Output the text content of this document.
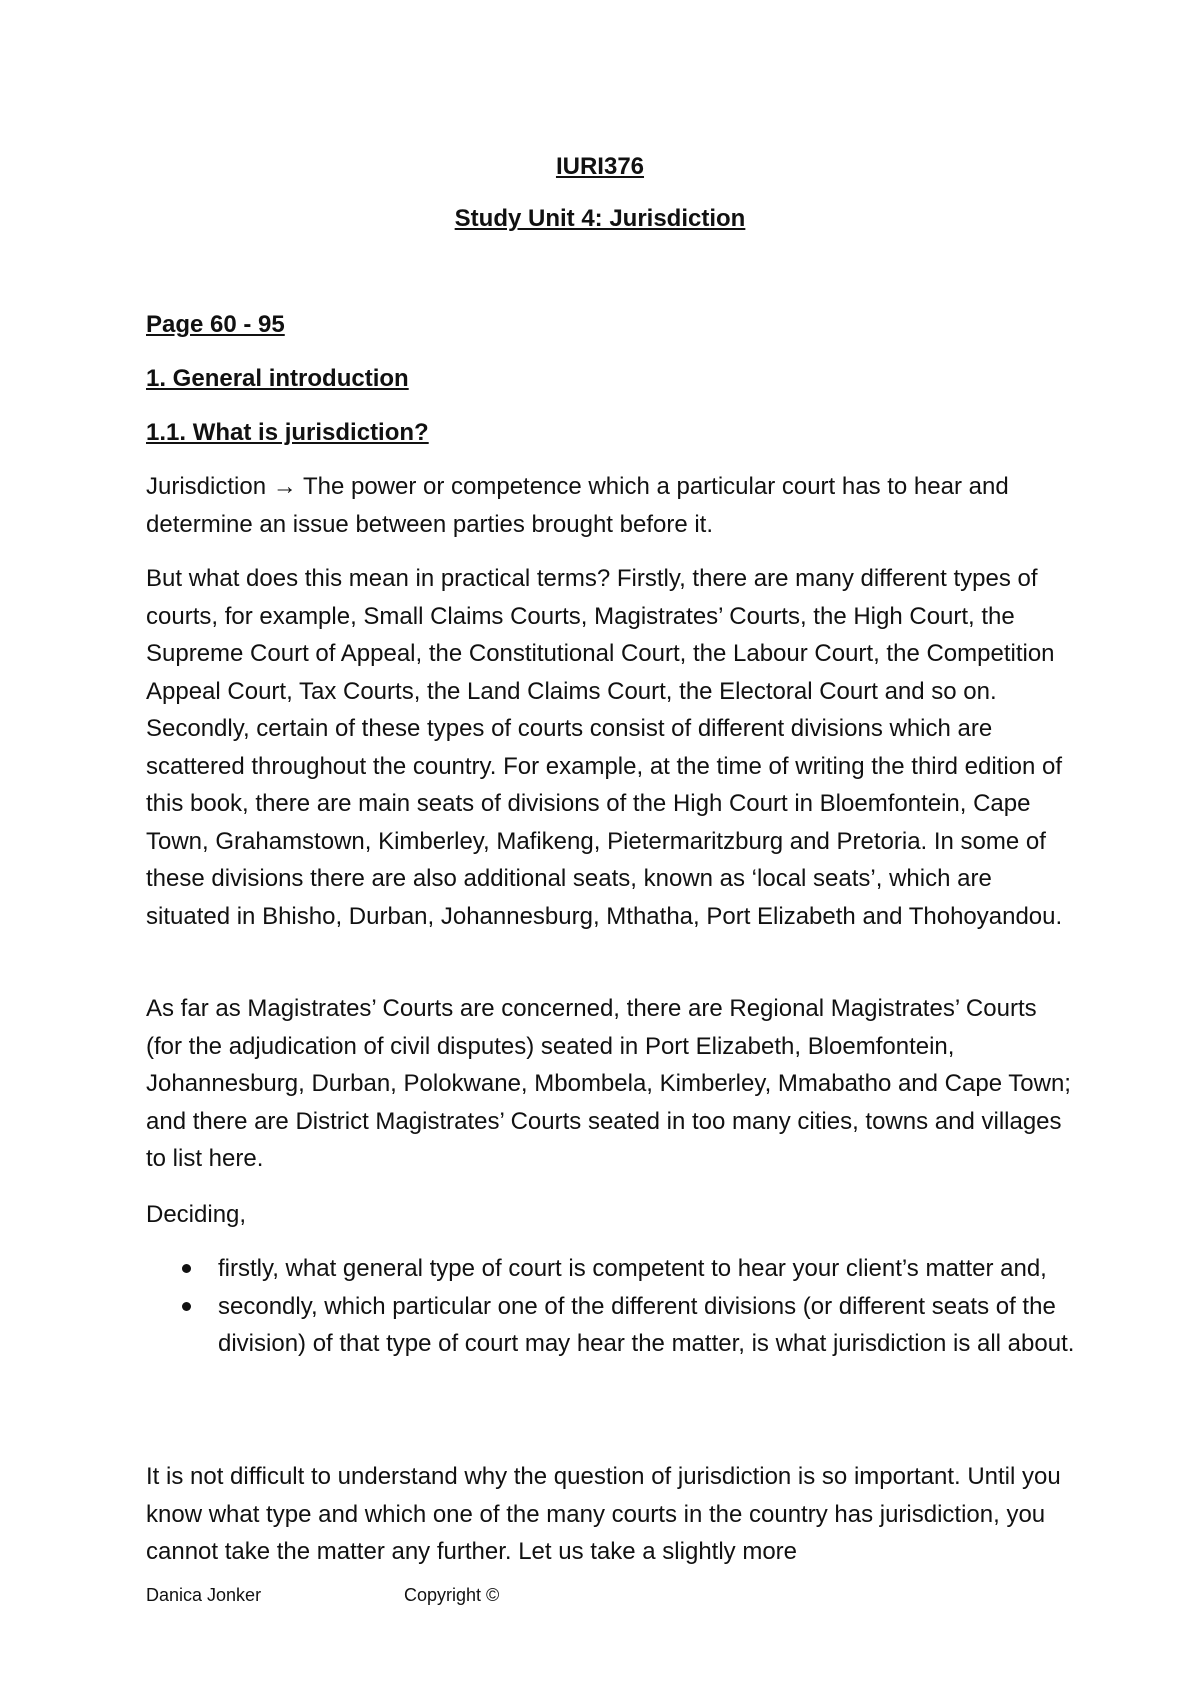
IURI376
Study Unit 4: Jurisdiction
Page 60 - 95
1. General introduction
1.1. What is jurisdiction?

Jurisdiction → The power or competence which a particular court has to hear and determine an issue between parties brought before it.

But what does this mean in practical terms? Firstly, there are many different types of courts, for example, Small Claims Courts, Magistrates’ Courts, the High Court, the Supreme Court of Appeal, the Constitutional Court, the Labour Court, the Competition Appeal Court, Tax Courts, the Land Claims Court, the Electoral Court and so on. Secondly, certain of these types of courts consist of different divisions which are scattered throughout the country. For example, at the time of writing the third edition of this book, there are main seats of divisions of the High Court in Bloemfontein, Cape Town, Grahamstown, Kimberley, Mafikeng, Pietermaritzburg and Pretoria. In some of these divisions there are also additional seats, known as ‘local seats’, which are situated in Bhisho, Durban, Johannesburg, Mthatha, Port Elizabeth and Thohoyandou.

As far as Magistrates’ Courts are concerned, there are Regional Magistrates’ Courts (for the adjudication of civil disputes) seated in Port Elizabeth, Bloemfontein, Johannesburg, Durban, Polokwane, Mbombela, Kimberley, Mmabatho and Cape Town; and there are District Magistrates’ Courts seated in too many cities, towns and villages to list here.

Deciding,

firstly, what general type of court is competent to hear your client’s matter and,
secondly, which particular one of the different divisions (or different seats of the division) of that type of court may hear the matter, is what jurisdiction is all about.

It is not difficult to understand why the question of jurisdiction is so important. Until you know what type and which one of the many courts in the country has jurisdiction, you cannot take the matter any further. Let us take a slightly more

Danica Jonker	Copyright ©
